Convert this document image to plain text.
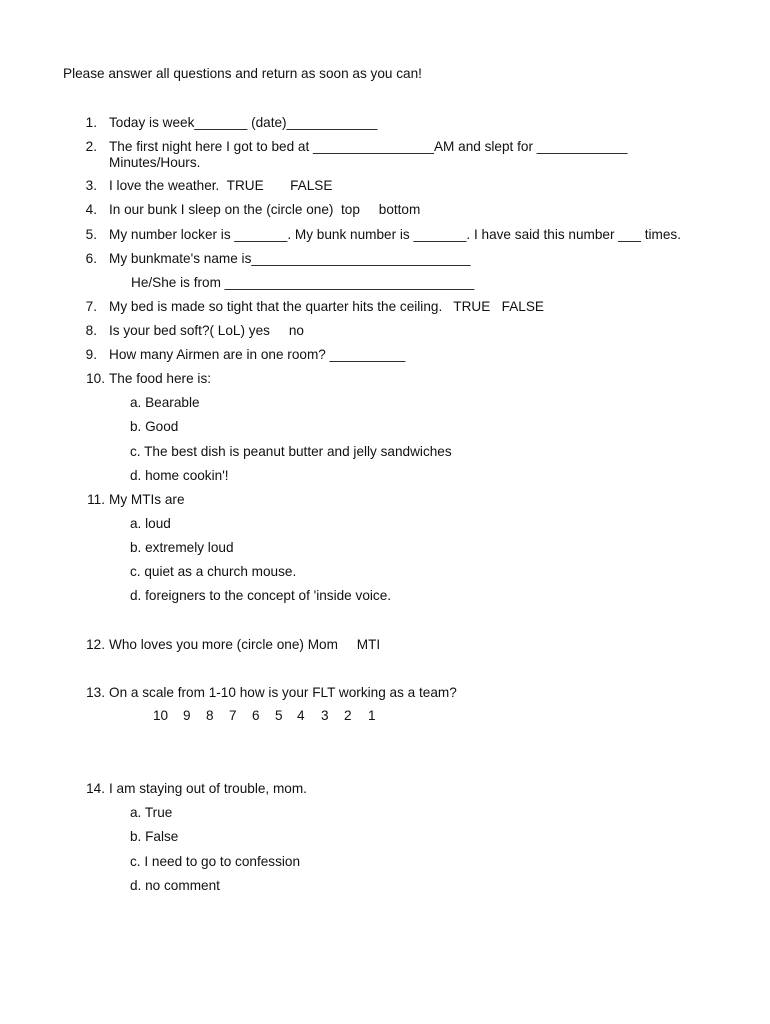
Please answer all questions and return as soon as you can!
1. Today is week_______ (date)____________
2. The first night here I got to bed at ________________AM and slept for ____________
Minutes/Hours.
3. I love the weather.  TRUE       FALSE
4. In our bunk I sleep on the (circle one)  top     bottom
5. My number locker is _______. My bunk number is _______. I have said this number ___ times.
6. My bunkmate's name is_____________________________
He/She is from _________________________________
7. My bed is made so tight that the quarter hits the ceiling.   TRUE   FALSE
8. Is your bed soft?( LoL) yes     no
9. How many Airmen are in one room? __________
10. The food here is:
a. Bearable
b. Good
c. The best dish is peanut butter and jelly sandwiches
d. home cookin'!
11. My MTIs are
a. loud
b. extremely loud
c. quiet as a church mouse.
d. foreigners to the concept of 'inside voice.
12. Who loves you more (circle one) Mom     MTI
13. On a scale from 1-10 how is your FLT working as a team?
10 9 8 7 6 5 4 3 2 1
14. I am staying out of trouble, mom.
a. True
b. False
c. I need to go to confession
d. no comment
